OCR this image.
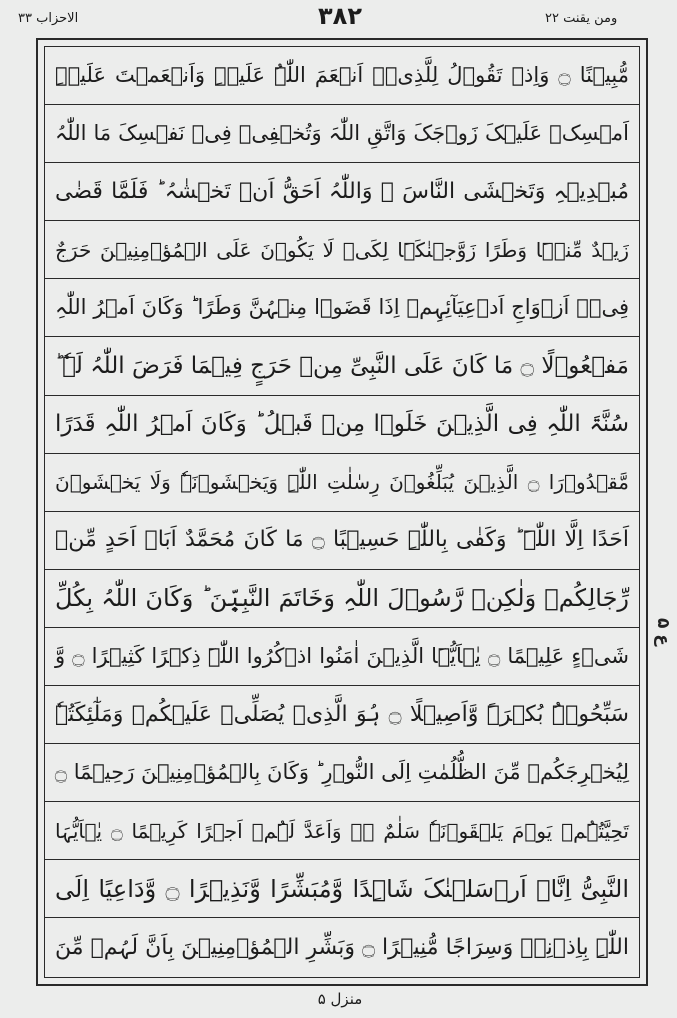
ومن یقنت ۲۲
۳۸۲
الاحزاب ۳۳
مُّبِيۡنًا ۝ وَاِذۡ تَقُوۡلُ لِلَّذِیۡۤ اَنۡعَمَ اللّٰہُ عَلَیۡہِ وَاَنۡعَمۡتَ عَلَیۡہِ
اَمۡسِکۡ عَلَیۡکَ زَوۡجَکَ وَاتَّقِ اللّٰہَ وَتُخۡفِیۡ فِیۡ نَفۡسِکَ مَا اللّٰہُ
مُبۡدِیۡہِ وَتَخۡشَی النَّاسَ ۚ وَاللّٰہُ اَحَقُّ اَنۡ تَخۡشٰہُ ؕ فَلَمَّا قَضٰی
زَیۡدٌ مِّنۡہَا وَطَرًا زَوَّجۡنٰکَہَا لِکَیۡ لَا یَکُوۡنَ عَلَی الۡمُؤۡمِنِیۡنَ حَرَجٌ
فِیۡۤ اَزۡوَاجِ اَدۡعِیَآئِہِمۡ اِذَا قَضَوۡا مِنۡہُنَّ وَطَرًا ؕ وَکَانَ اَمۡرُ اللّٰہِ
مَفۡعُوۡلًا ۝ مَا کَانَ عَلَی النَّبِیِّ مِنۡ حَرَجٍ فِیۡمَا فَرَضَ اللّٰہُ لَہٗ ؕ
سُنَّۃَ اللّٰہِ فِی الَّذِیۡنَ خَلَوۡا مِنۡ قَبۡلُ ؕ وَکَانَ اَمۡرُ اللّٰہِ قَدَرًا
مَّقۡدُوۡرَا ۝ الَّذِیۡنَ یُبَلِّغُوۡنَ رِسٰلٰتِ اللّٰہِ وَیَخۡشَوۡنَہٗ وَلَا یَخۡشَوۡنَ
اَحَدًا اِلَّا اللّٰہَ ؕ وَکَفٰی بِاللّٰہِ حَسِیۡبًا ۝ مَا کَانَ مُحَمَّدٌ اَبَاۤ اَحَدٍ مِّنۡ
رِّجَالِکُمۡ وَلٰکِنۡ رَّسُوۡلَ اللّٰہِ وَخَاتَمَ النَّبِیّٖنَ ؕ وَکَانَ اللّٰہُ بِکُلِّ
شَیۡءٍ عَلِیۡمًا ۝ یٰۤاَیُّہَا الَّذِیۡنَ اٰمَنُوا اذۡکُرُوا اللّٰہَ ذِکۡرًا کَثِیۡرًا ۝ وَّ
سَبِّحُوۡہُ بُکۡرَۃً وَّاَصِیۡلًا ۝ ہُوَ الَّذِیۡ یُصَلِّیۡ عَلَیۡکُمۡ وَمَلٰٓئِکَتُہٗ
لِیُخۡرِجَکُمۡ مِّنَ الظُّلُمٰتِ اِلَی النُّوۡرِ ؕ وَکَانَ بِالۡمُؤۡمِنِیۡنَ رَحِیۡمًا ۝
تَحِیَّتُہُمۡ یَوۡمَ یَلۡقَوۡنَہٗ سَلٰمٌ ۚۖ وَاَعَدَّ لَہُمۡ اَجۡرًا کَرِیۡمًا ۝ یٰۤاَیُّہَا
النَّبِیُّ اِنَّاۤ اَرۡسَلۡنٰکَ شَاہِدًا وَّمُبَشِّرًا وَّنَذِیۡرًا ۝ وَّدَاعِیًا اِلَی
اللّٰہِ بِاِذۡنِہٖ وَسِرَاجًا مُّنِیۡرًا ۝ وَبَشِّرِ الۡمُؤۡمِنِیۡنَ بِاَنَّ لَہُمۡ مِّنَ
ع ۵
منزل ۵
